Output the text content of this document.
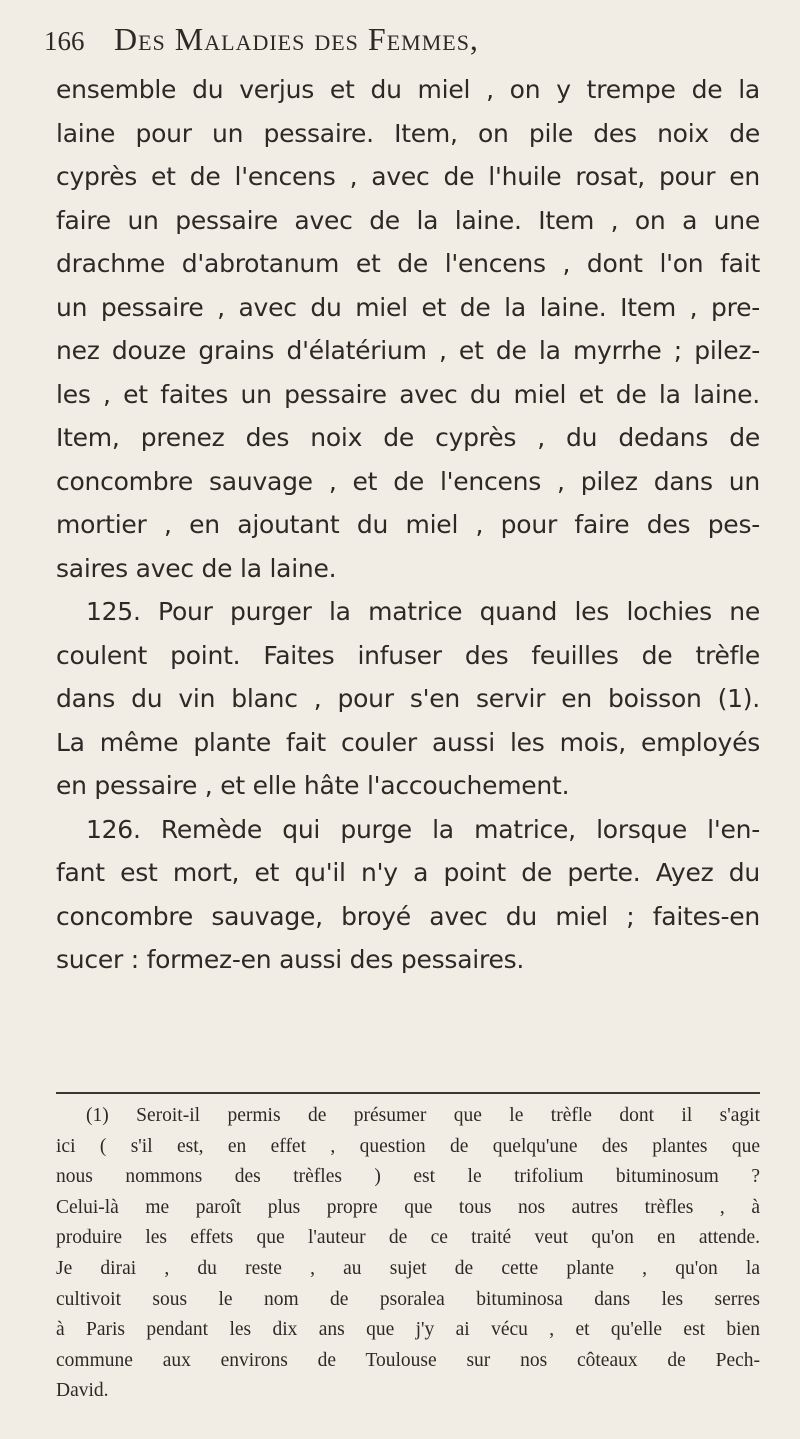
166 Des Maladies des Femmes,
ensemble du verjus et du miel , on y trempe de la
laine pour un pessaire. Item, on pile des noix de
cyprès et de l'encens , avec de l'huile rosat, pour en
faire un pessaire avec de la laine. Item , on a une
drachme d'abrotanum et de l'encens , dont l'on fait
un pessaire , avec du miel et de la laine. Item , pre-
nez douze grains d'élatérium , et de la myrrhe ; pilez-
les , et faites un pessaire avec du miel et de la laine.
Item, prenez des noix de cyprès , du dedans de
concombre sauvage , et de l'encens , pilez dans un
mortier , en ajoutant du miel , pour faire des pes-
saires avec de la laine.
125. Pour purger la matrice quand les lochies ne
coulent point. Faites infuser des feuilles de trèfle
dans du vin blanc , pour s'en servir en boisson (1).
La même plante fait couler aussi les mois, employés
en pessaire , et elle hâte l'accouchement.
126. Remède qui purge la matrice, lorsque l'en-
fant est mort, et qu'il n'y a point de perte. Ayez du
concombre sauvage, broyé avec du miel ; faites-en
sucer : formez-en aussi des pessaires.
(1) Seroit-il permis de présumer que le trèfle dont il s'agit
ici ( s'il est, en effet , question de quelqu'une des plantes que
nous nommons des trèfles ) est le trifolium bituminosum ?
Celui-là me paroît plus propre que tous nos autres trèfles , à
produire les effets que l'auteur de ce traité veut qu'on en attende.
Je dirai , du reste , au sujet de cette plante , qu'on la
cultivoit sous le nom de psoralea bituminosa dans les serres
à Paris pendant les dix ans que j'y ai vécu , et qu'elle est bien
commune aux environs de Toulouse sur nos côteaux de Pech-
David.
